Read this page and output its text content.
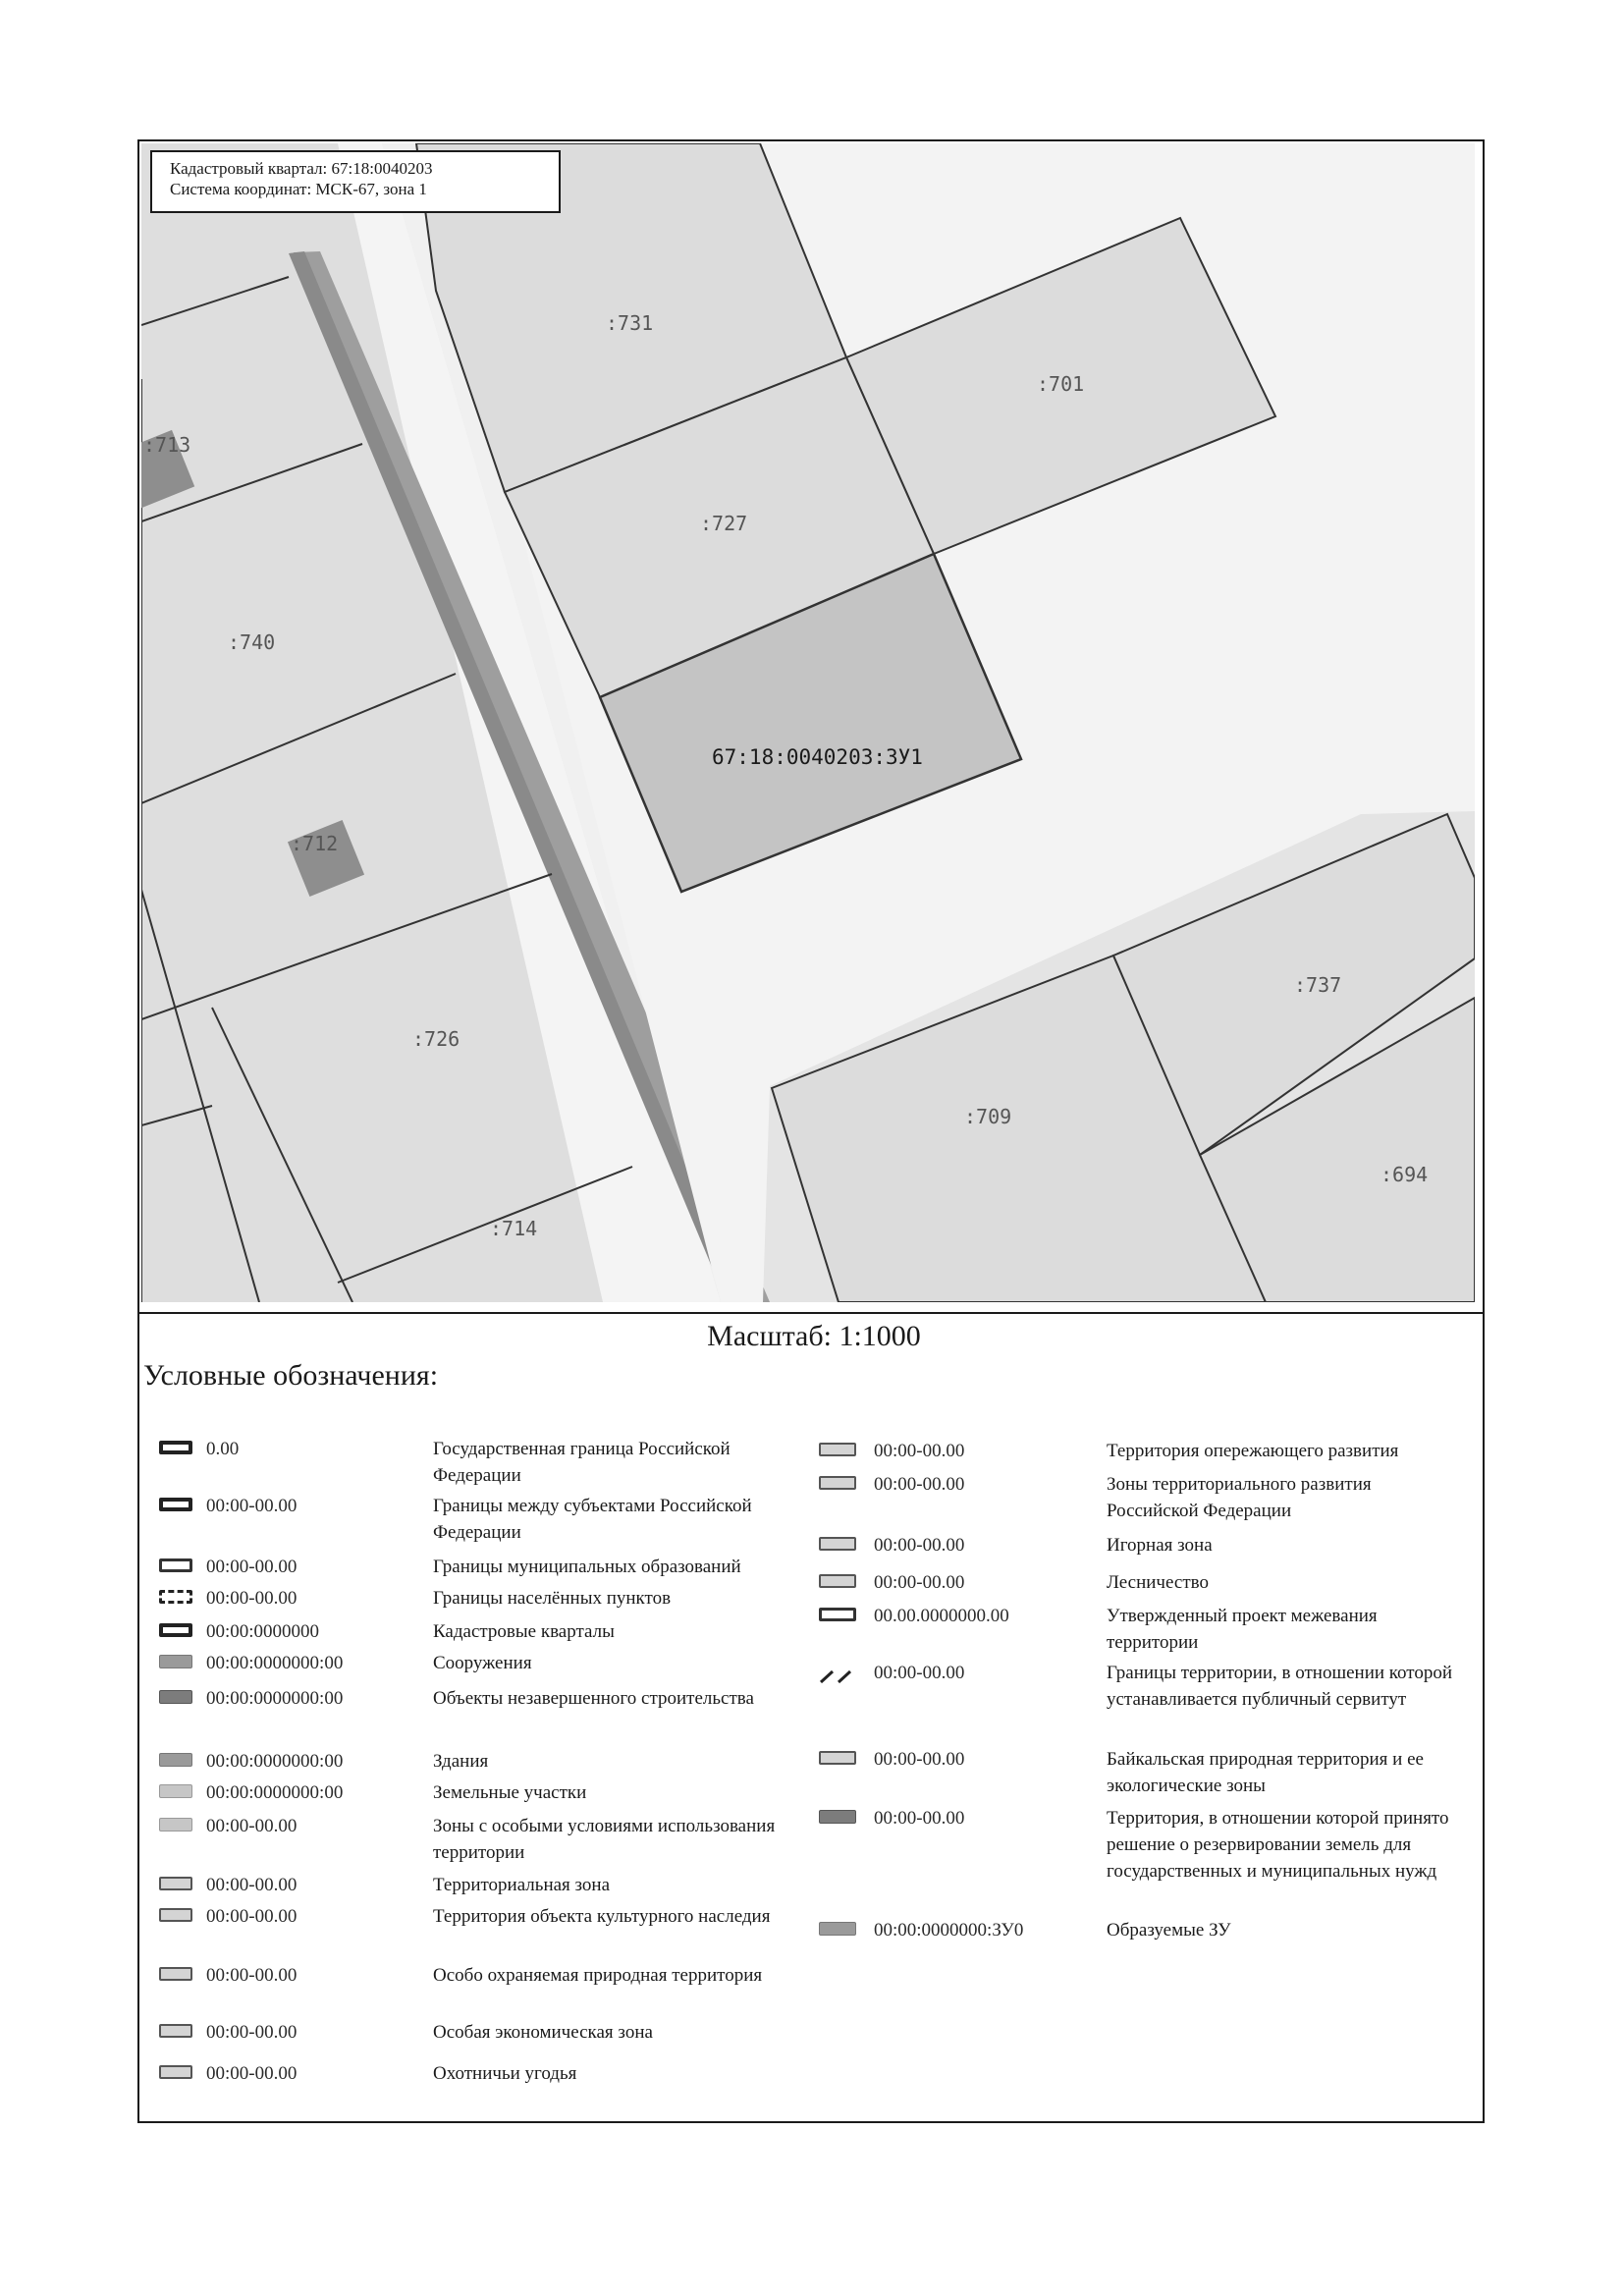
:731
:701
:713
:727
:740
67:18:0040203:ЗУ1
:712
:737
:726
:709
:694
:714
Кадастровый квартал: 67:18:0040203
Система координат: МСК-67, зона 1
Масштаб: 1:1000
Условные обозначения:
0.00	Государственная граница Российской Федерации
00:00-00.00	Границы между субъектами Российской Федерации
00:00-00.00	Границы муниципальных образований
00:00-00.00	Границы населённых пунктов
00:00:0000000	Кадастровые кварталы
00:00:0000000:00	Сооружения
00:00:0000000:00	Объекты незавершенного строительства
00:00:0000000:00	Здания
00:00:0000000:00	Земельные участки
00:00-00.00	Зоны с особыми условиями использования территории
00:00-00.00	Территориальная зона
00:00-00.00	Территория объекта культурного наследия
00:00-00.00	Особо охраняемая природная территория
00:00-00.00	Особая экономическая зона
00:00-00.00	Охотничьи угодья
00:00-00.00	Территория опережающего развития
00:00-00.00	Зоны территориального развития Российской Федерации
00:00-00.00	Игорная зона
00:00-00.00	Лесничество
00.00.0000000.00	Утвержденный проект межевания территории
00:00-00.00	Границы территории, в отношении которой устанавливается публичный сервитут
00:00-00.00	Байкальская природная территория и ее экологические зоны
00:00-00.00	Территория, в отношении которой принято решение о резервировании земель для государственных и муниципальных нужд
00:00:0000000:ЗУ0	Образуемые ЗУ
